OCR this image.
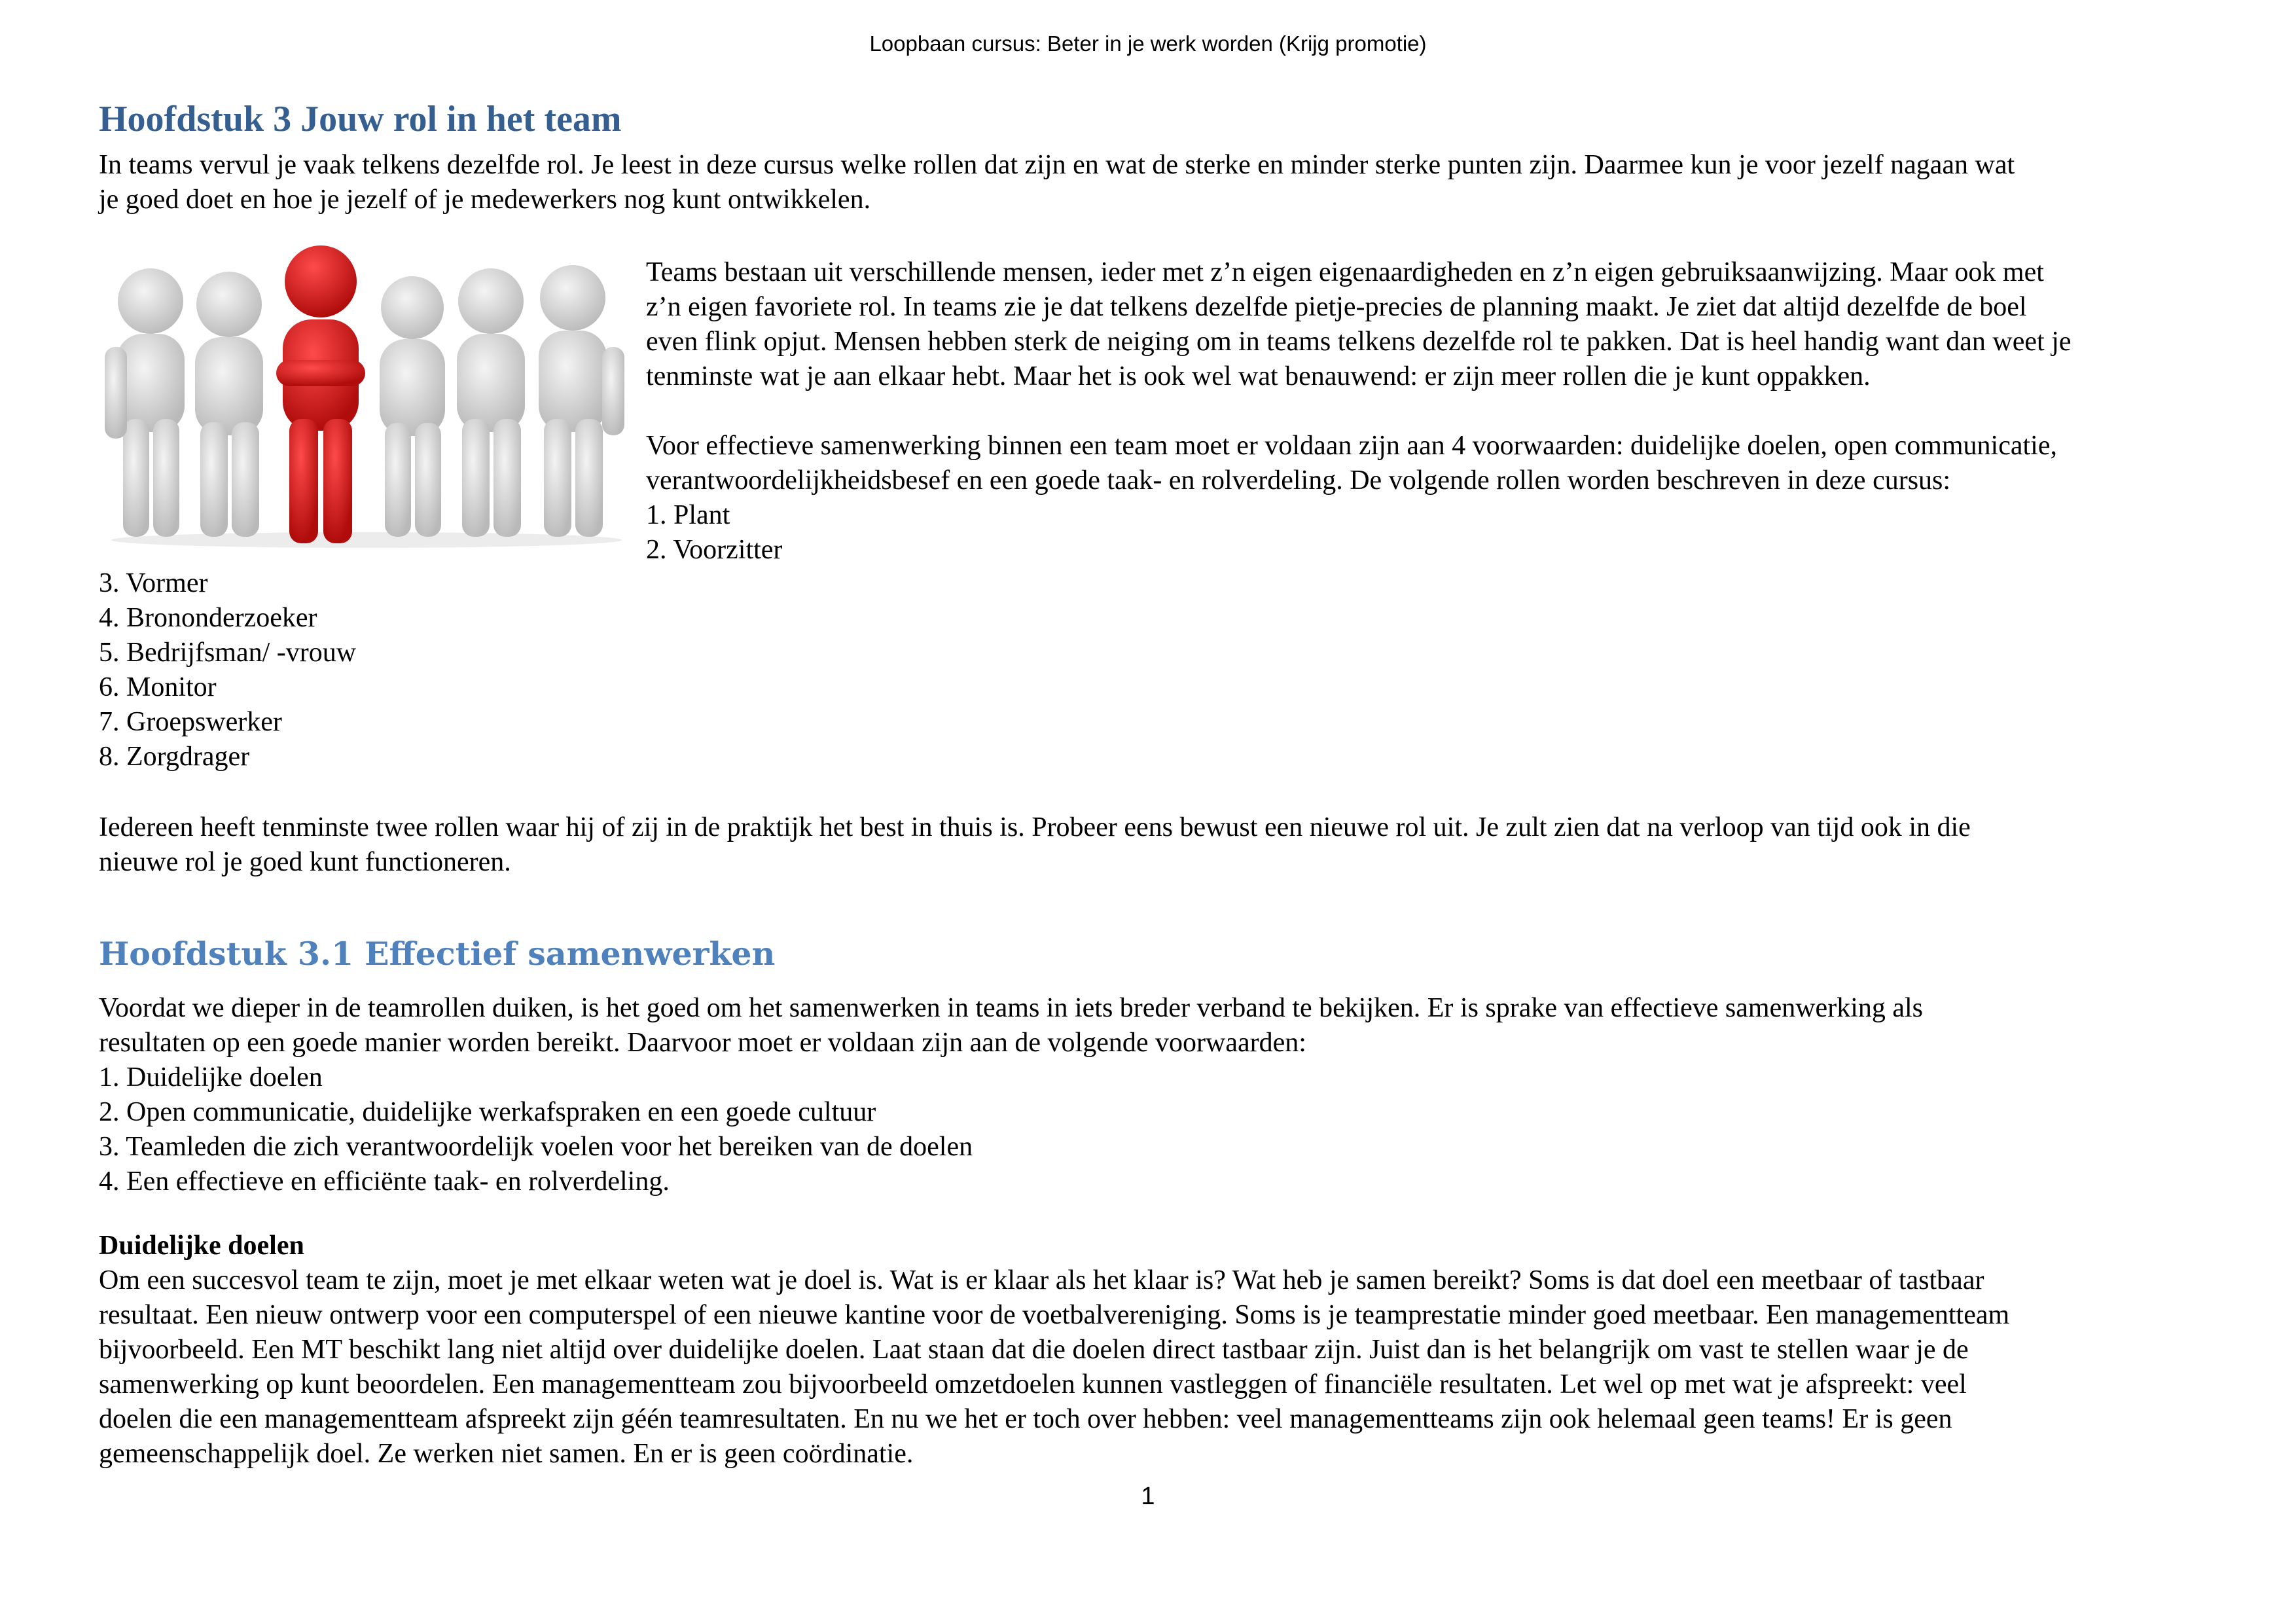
Loopbaan cursus: Beter in je werk worden (Krijg promotie)
Hoofdstuk 3 Jouw rol in het team
In teams vervul je vaak telkens dezelfde rol. Je leest in deze cursus welke rollen dat zijn en wat de sterke en minder sterke punten zijn. Daarmee kun je voor jezelf nagaan wat
je goed doet en hoe je jezelf of je medewerkers nog kunt ontwikkelen.
Teams bestaan uit verschillende mensen, ieder met z’n eigen eigenaardigheden en z’n eigen gebruiksaanwijzing. Maar ook met
z’n eigen favoriete rol. In teams zie je dat telkens dezelfde pietje-precies de planning maakt. Je ziet dat altijd dezelfde de boel
even flink opjut. Mensen hebben sterk de neiging om in teams telkens dezelfde rol te pakken. Dat is heel handig want dan weet je
tenminste wat je aan elkaar hebt. Maar het is ook wel wat benauwend: er zijn meer rollen die je kunt oppakken.
Voor effectieve samenwerking binnen een team moet er voldaan zijn aan 4 voorwaarden: duidelijke doelen, open communicatie,
verantwoordelijkheidsbesef en een goede taak- en rolverdeling. De volgende rollen worden beschreven in deze cursus:
1. Plant
2. Voorzitter
3. Vormer
4. Brononderzoeker
5. Bedrijfsman/ -vrouw
6. Monitor
7. Groepswerker
8. Zorgdrager
Iedereen heeft tenminste twee rollen waar hij of zij in de praktijk het best in thuis is. Probeer eens bewust een nieuwe rol uit. Je zult zien dat na verloop van tijd ook in die
nieuwe rol je goed kunt functioneren.
Hoofdstuk 3.1 Effectief samenwerken
Voordat we dieper in de teamrollen duiken, is het goed om het samenwerken in teams in iets breder verband te bekijken. Er is sprake van effectieve samenwerking als
resultaten op een goede manier worden bereikt. Daarvoor moet er voldaan zijn aan de volgende voorwaarden:
1. Duidelijke doelen
2. Open communicatie, duidelijke werkafspraken en een goede cultuur
3. Teamleden die zich verantwoordelijk voelen voor het bereiken van de doelen
4. Een effectieve en efficiënte taak- en rolverdeling.
Duidelijke doelen
Om een succesvol team te zijn, moet je met elkaar weten wat je doel is. Wat is er klaar als het klaar is? Wat heb je samen bereikt? Soms is dat doel een meetbaar of tastbaar
resultaat. Een nieuw ontwerp voor een computerspel of een nieuwe kantine voor de voetbalvereniging. Soms is je teamprestatie minder goed meetbaar. Een managementteam
bijvoorbeeld. Een MT beschikt lang niet altijd over duidelijke doelen. Laat staan dat die doelen direct tastbaar zijn. Juist dan is het belangrijk om vast te stellen waar je de
samenwerking op kunt beoordelen. Een managementteam zou bijvoorbeeld omzetdoelen kunnen vastleggen of financiële resultaten. Let wel op met wat je afspreekt: veel
doelen die een managementteam afspreekt zijn géén teamresultaten. En nu we het er toch over hebben: veel managementteams zijn ook helemaal geen teams! Er is geen
gemeenschappelijk doel. Ze werken niet samen. En er is geen coördinatie.
1
